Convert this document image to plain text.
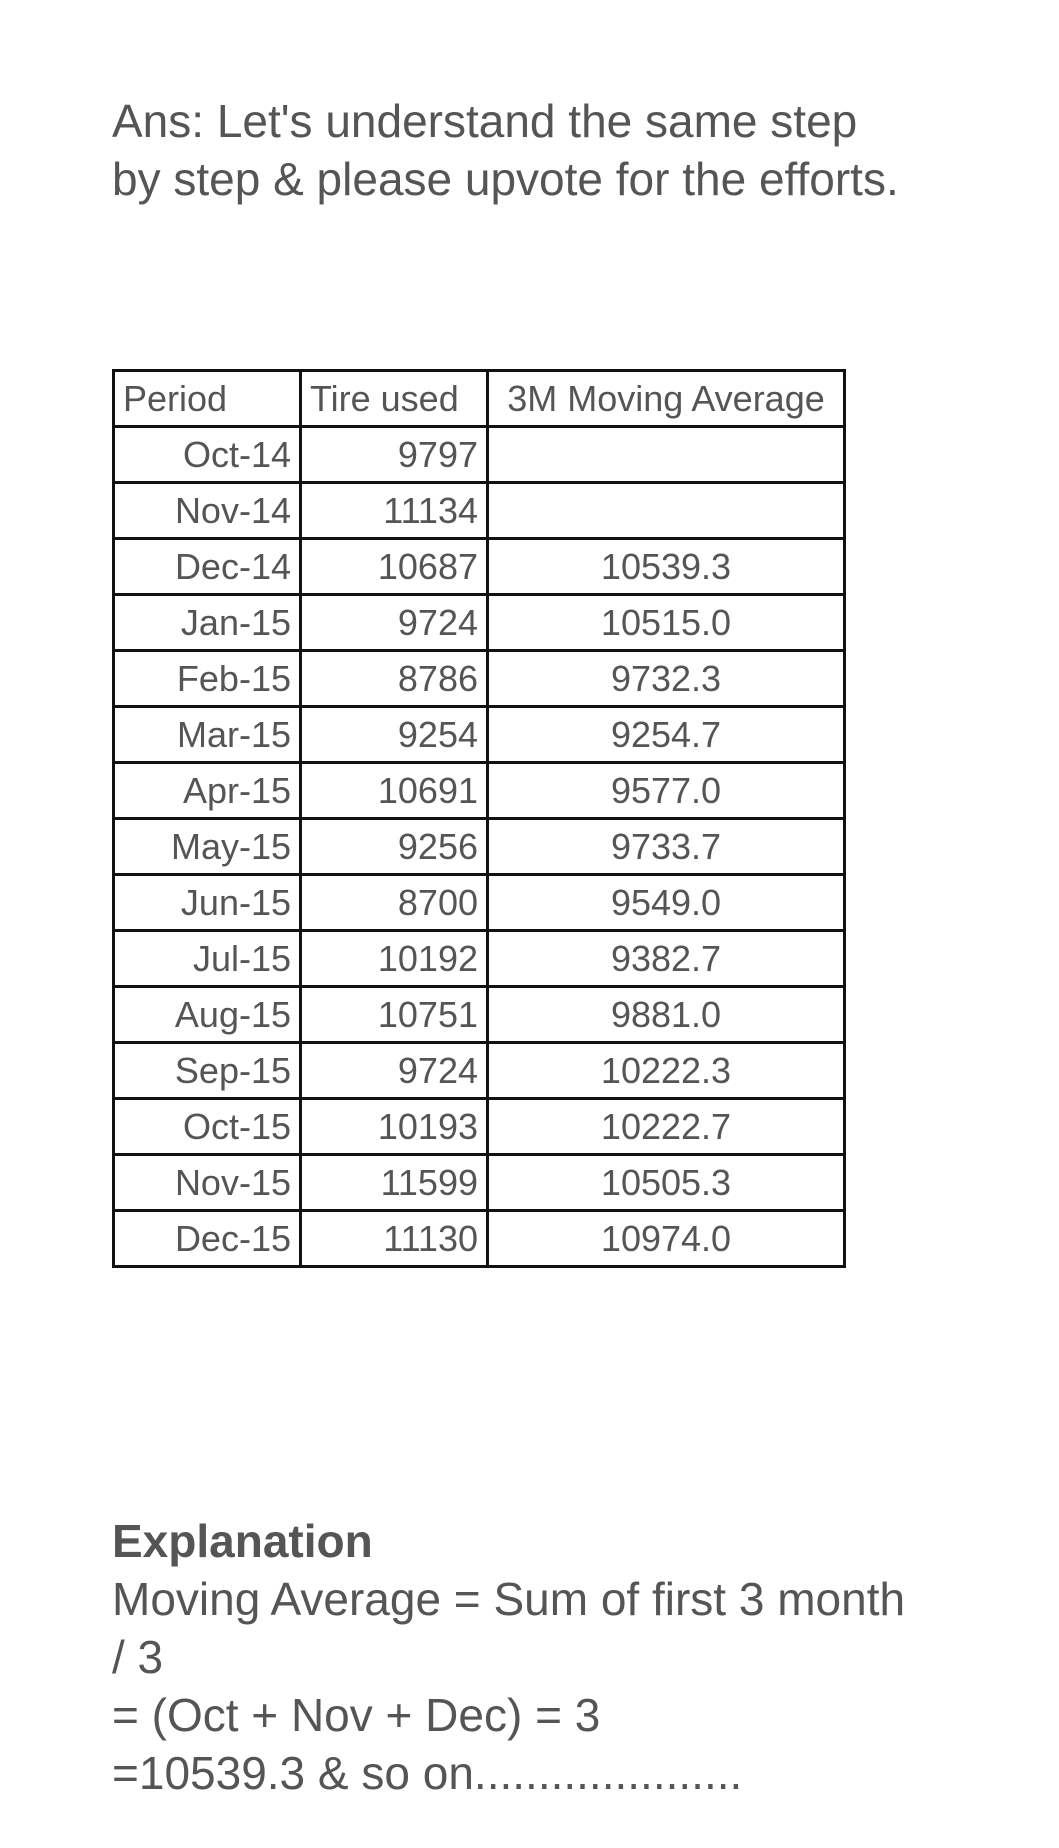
Ans: Let's understand the same step
by step & please upvote for the efforts.
Period	Tire used	3M Moving Average
Oct-14	9797	
Nov-14	11134	
Dec-14	10687	10539.3
Jan-15	9724	10515.0
Feb-15	8786	9732.3
Mar-15	9254	9254.7
Apr-15	10691	9577.0
May-15	9256	9733.7
Jun-15	8700	9549.0
Jul-15	10192	9382.7
Aug-15	10751	9881.0
Sep-15	9724	10222.3
Oct-15	10193	10222.7
Nov-15	11599	10505.3
Dec-15	11130	10974.0
Explanation
Moving Average = Sum of first 3 month
/ 3
= (Oct + Nov + Dec) = 3
=10539.3 & so on.....................
